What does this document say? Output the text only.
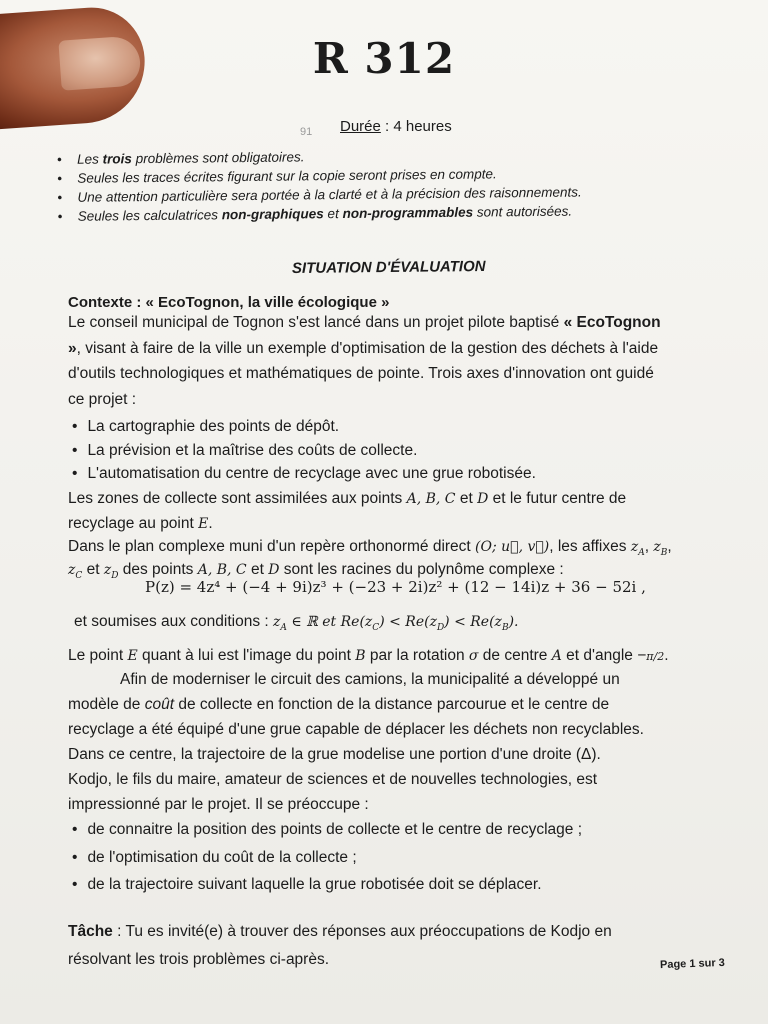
R 312
91 Durée : 4 heures
• Les trois problèmes sont obligatoires.
• Seules les traces écrites figurant sur la copie seront prises en compte.
• Une attention particulière sera portée à la clarté et à la précision des raisonnements.
• Seules les calculatrices non-graphiques et non-programmables sont autorisées.
SITUATION D'ÉVALUATION
Contexte : « EcoTognon, la ville écologique »
Le conseil municipal de Tognon s'est lancé dans un projet pilote baptisé « EcoTognon
», visant à faire de la ville un exemple d'optimisation de la gestion des déchets à l'aide
d'outils technologiques et mathématiques de pointe. Trois axes d'innovation ont guidé
ce projet :
• La cartographie des points de dépôt.
• La prévision et la maîtrise des coûts de collecte.
• L'automatisation du centre de recyclage avec une grue robotisée.
Les zones de collecte sont assimilées aux points A, B, C et D et le futur centre de
recyclage au point E.
Dans le plan complexe muni d'un repère orthonormé direct (O; u⃗, v⃗), les affixes $z_A$, $z_B$,
$z_C$ et $z_D$ des points A, B, C et D sont les racines du polynôme complexe :
P(z) = 4z⁴ + (−4 + 9i)z³ + (−23 + 2i)z² + (12 − 14i)z + 36 − 52i ,
et soumises aux conditions : $z_A$ ∈ ℝ et $Re(z_C) < Re(z_D) < Re(z_B)$.
Le point E quant à lui est l'image du point B par la rotation σ de centre A et d'angle −π/2.
Afin de moderniser le circuit des camions, la municipalité a développé un
modèle de coût de collecte en fonction de la distance parcourue et le centre de
recyclage a été équipé d'une grue capable de déplacer les déchets non recyclables.
Dans ce centre, la trajectoire de la grue modelise une portion d'une droite (Δ).
Kodjo, le fils du maire, amateur de sciences et de nouvelles technologies, est
impressionné par le projet. Il se préoccupe :
• de connaitre la position des points de collecte et le centre de recyclage ;
• de l'optimisation du coût de la collecte ;
• de la trajectoire suivant laquelle la grue robotisée doit se déplacer.
Tâche : Tu es invité(e) à trouver des réponses aux préoccupations de Kodjo en
résolvant les trois problèmes ci-après.	Page 1 sur 3
